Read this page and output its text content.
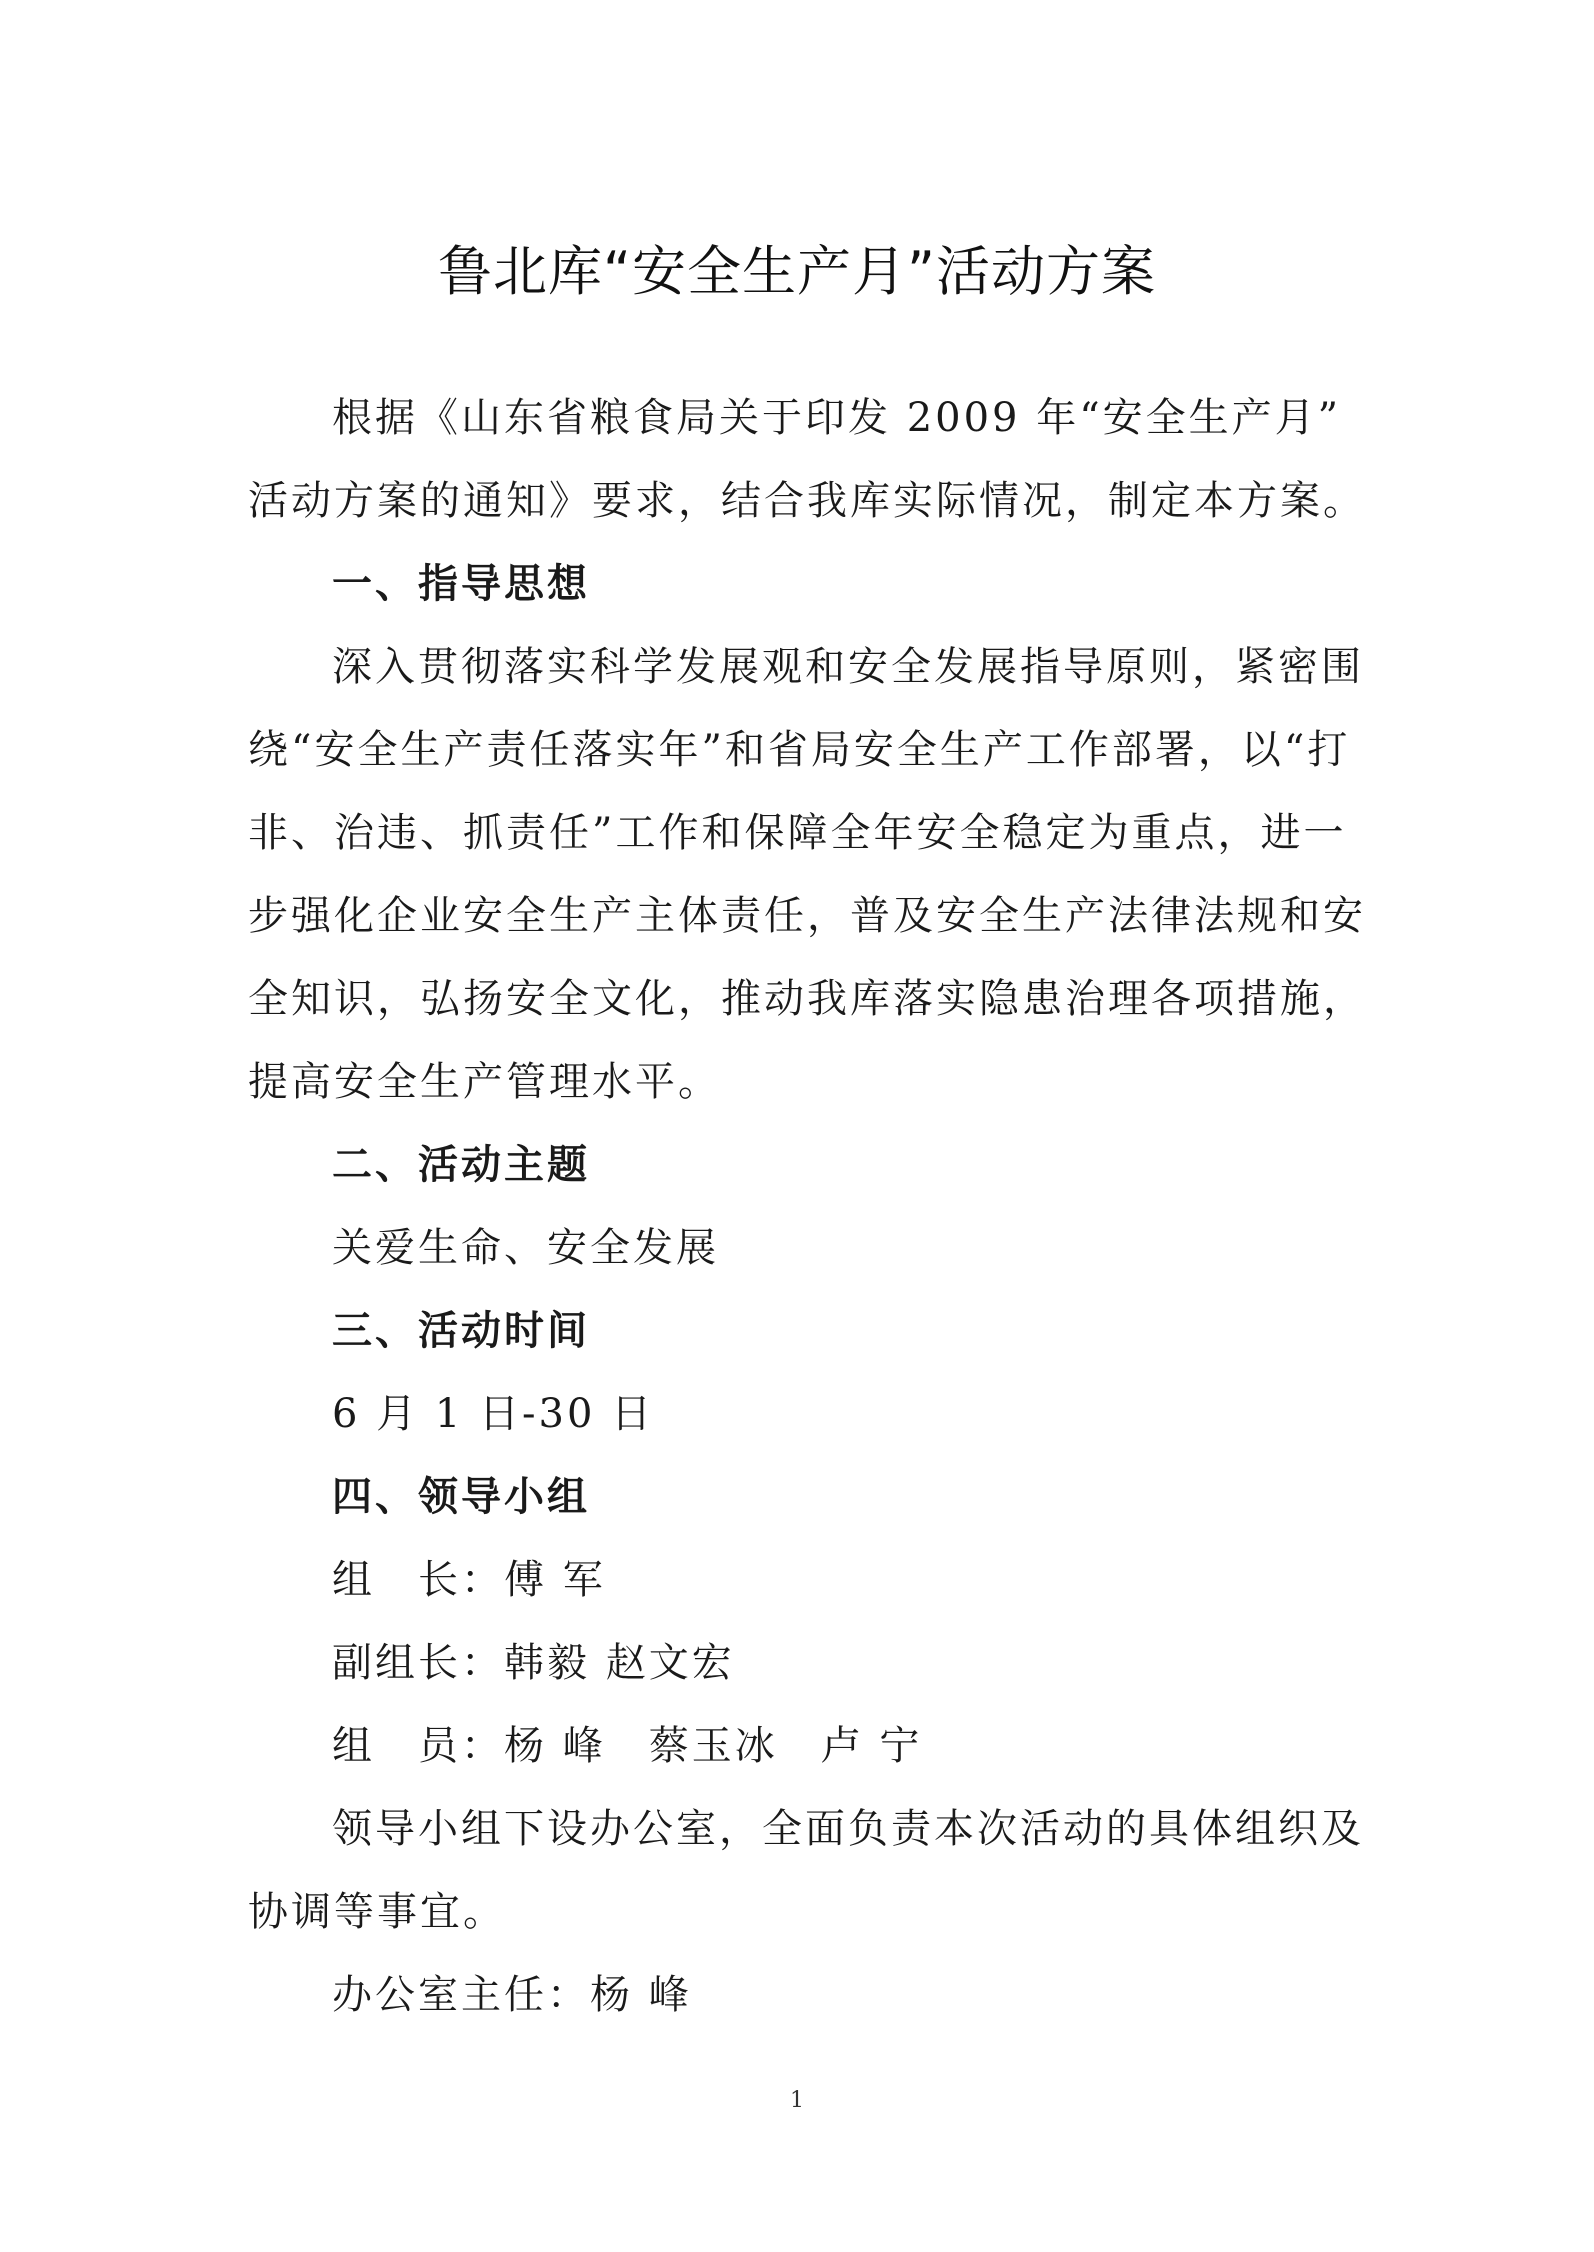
鲁北库“安全生产月”活动方案
根据《山东省粮食局关于印发 2009 年“安全生产月”
活动方案的通知》要求，结合我库实际情况，制定本方案。
一、指导思想
深入贯彻落实科学发展观和安全发展指导原则，紧密围
绕“安全生产责任落实年”和省局安全生产工作部署，以“打
非、治违、抓责任”工作和保障全年安全稳定为重点，进一
步强化企业安全生产主体责任，普及安全生产法律法规和安
全知识，弘扬安全文化，推动我库落实隐患治理各项措施，
提高安全生产管理水平。
二、活动主题
关爱生命、安全发展
三、活动时间
6 月 1 日-30 日
四、领导小组
组　长：傅 军
副组长：韩毅 赵文宏
组　员：杨 峰　蔡玉冰　卢 宁
领导小组下设办公室，全面负责本次活动的具体组织及
协调等事宜。
办公室主任：杨 峰
1
